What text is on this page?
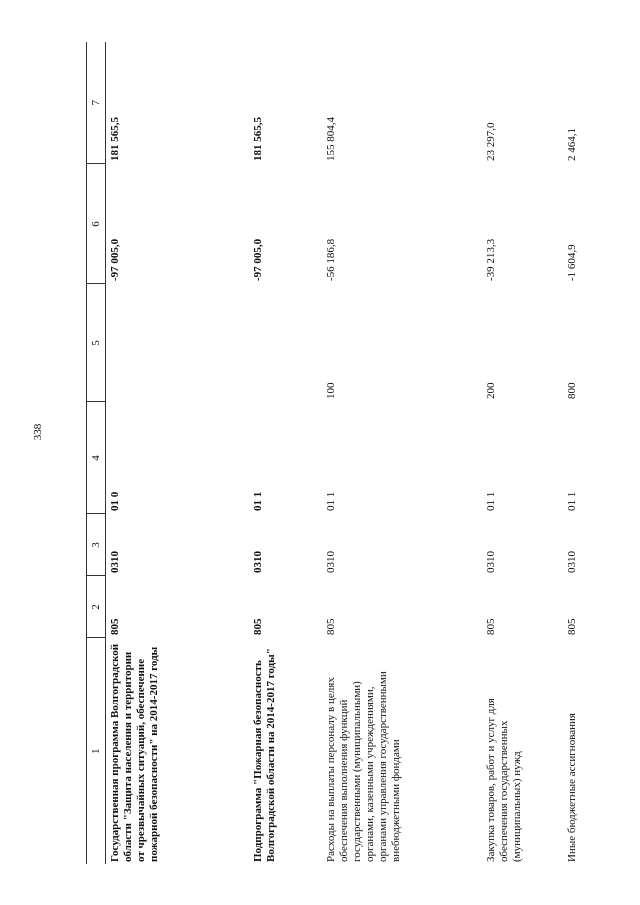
338
1	2	3	4	5	6	7
Государственная программа Волгоградской области "Защита населения и территории от чрезвычайных ситуаций, обеспечение пожарной безопасности" на 2014-2017 годы	805	0310	01 0		-97 005,0	181 565,5
Подпрограмма "Пожарная безопасность Волгоградской области на 2014-2017 годы"	805	0310	01 1		-97 005,0	181 565,5
Расходы на выплаты персоналу в целях обеспечения выполнения функций государственными (муниципальными) органами, казенными учреждениями, органами управления государственными внебюджетными фондами	805	0310	01 1	100	-56 186,8	155 804,4
Закупка товаров, работ и услуг для обеспечения государственных (муниципальных) нужд	805	0310	01 1	200	-39 213,3	23 297,0
Иные бюджетные ассигнования	805	0310	01 1	800	-1 604,9	2 464,1
